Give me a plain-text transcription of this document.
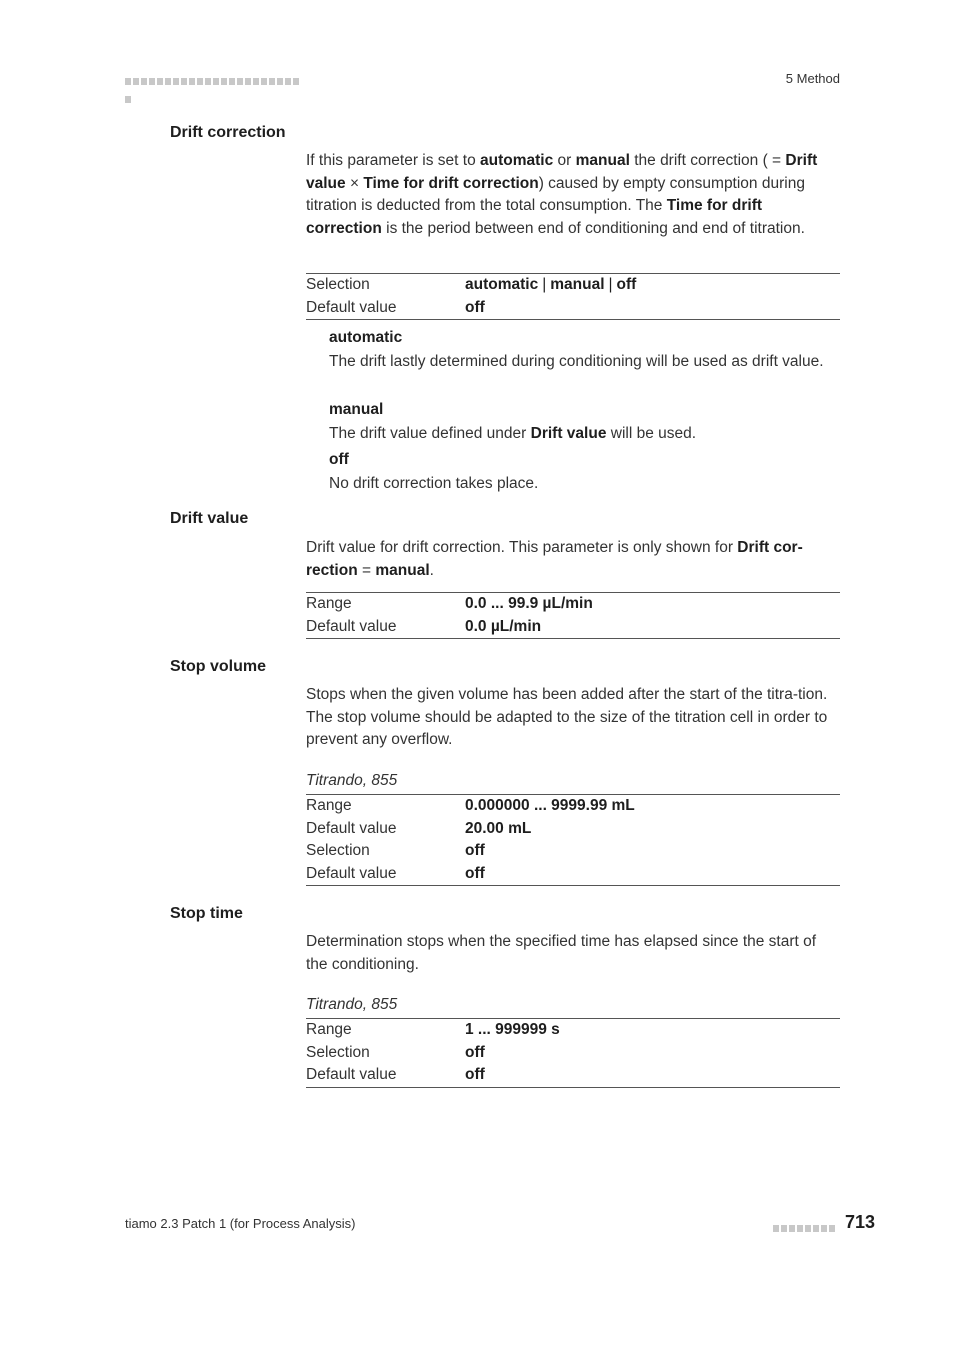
5 Method
Drift correction
If this parameter is set to automatic or manual the drift correction ( = Drift value × Time for drift correction) caused by empty consumption during titration is deducted from the total consumption. The Time for drift correction is the period between end of conditioning and end of titration.
Selection	automatic | manual | off
Default value	off
automatic
The drift lastly determined during conditioning will be used as drift value.
manual
The drift value defined under Drift value will be used.
off
No drift correction takes place.
Drift value
Drift value for drift correction. This parameter is only shown for Drift cor-rection = manual.
Range	0.0 ... 99.9 µL/min
Default value	0.0 µL/min
Stop volume
Stops when the given volume has been added after the start of the titra-tion. The stop volume should be adapted to the size of the titration cell in order to prevent any overflow.
Titrando, 855
Range	0.000000 ... 9999.99 mL
Default value	20.00 mL
Selection	off
Default value	off
Stop time
Determination stops when the specified time has elapsed since the start of the conditioning.
Titrando, 855
Range	1 ... 999999 s
Selection	off
Default value	off
tiamo 2.3 Patch 1 (for Process Analysis)	713
